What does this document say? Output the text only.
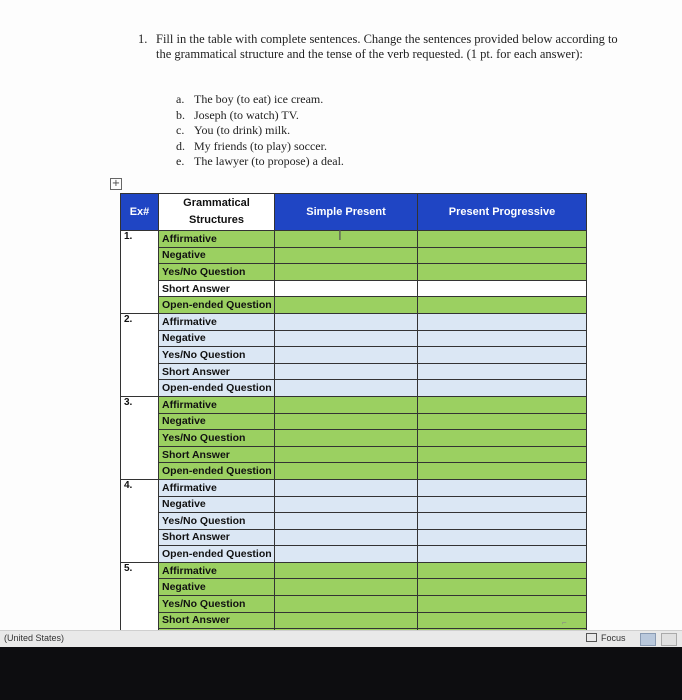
1. Fill in the table with complete sentences. Change the sentences provided below according to the grammatical structure and the tense of the verb requested. (1 pt. for each answer):
a. The boy (to eat) ice cream.
b. Joseph (to watch) TV.
c. You (to drink) milk.
d. My friends (to play) soccer.
e. The lawyer (to propose) a deal.
+
Ex#	Grammatical Structures	Simple Present	Present Progressive
1.	Affirmative		
	Negative		
	Yes/No Question		
	Short Answer		
	Open-ended Question		
2.	Affirmative		
	Negative		
	Yes/No Question		
	Short Answer		
	Open-ended Question		
3.	Affirmative		
	Negative		
	Yes/No Question		
	Short Answer		
	Open-ended Question		
4.	Affirmative		
	Negative		
	Yes/No Question		
	Short Answer		
	Open-ended Question		
5.	Affirmative		
	Negative		
	Yes/No Question		
	Short Answer		

I
⌐
(United States)	Focus
